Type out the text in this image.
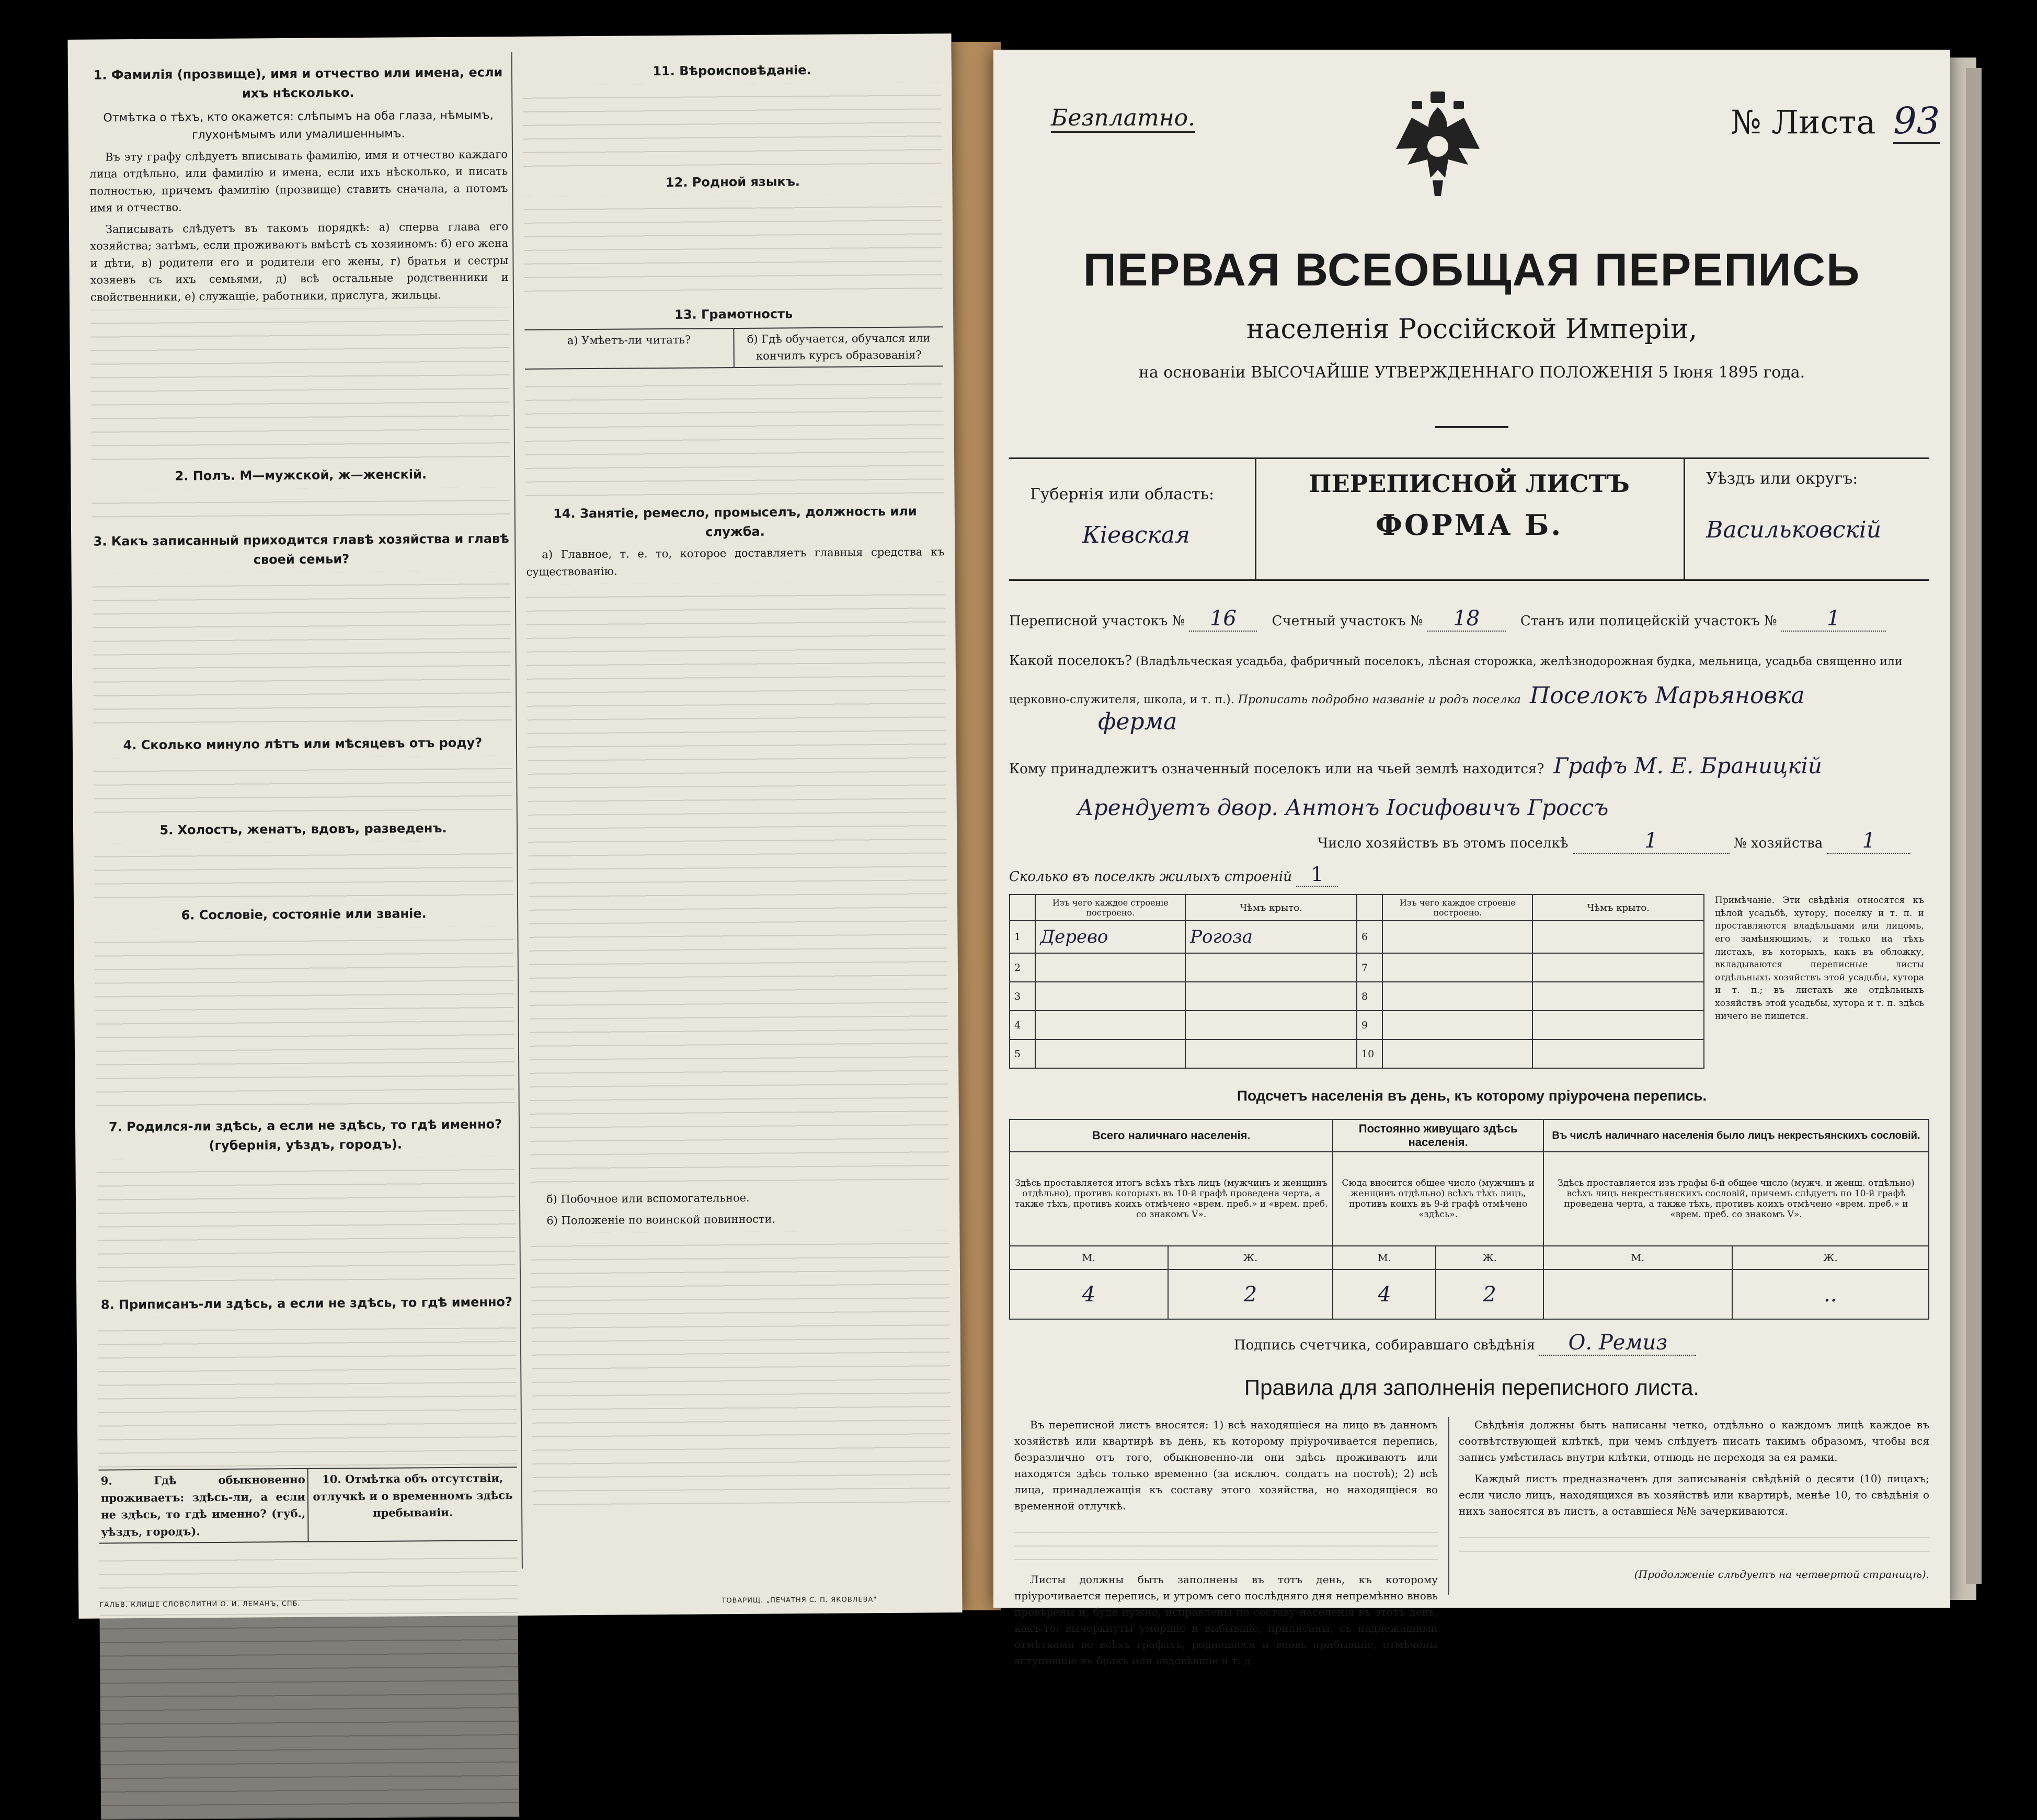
1. Фамилія (прозвище), имя и отчество или имена, если ихъ нѣсколько.
Отмѣтка о тѣхъ, кто окажется: слѣпымъ на оба глаза, нѣмымъ, глухонѣмымъ или умалишеннымъ.

Въ эту графу слѣдуетъ вписывать фамилію, имя и отчество каждаго лица отдѣльно, или фамилію и имена, если ихъ нѣсколько, и писать полностью, причемъ фамилію (прозвище) ставить сначала, а потомъ имя и отчество.

Записывать слѣдуетъ въ такомъ порядкѣ: а) сперва глава его хозяйства; затѣмъ, если проживаютъ вмѣстѣ съ хозяиномъ: б) его жена и дѣти, в) родители его и родители его жены, г) братья и сестры хозяевъ съ ихъ семьями, д) всѣ остальные родственники и свойственники, е) служащіе, работники, прислуга, жильцы.

2. Полъ. М—мужской, ж—женскій.
3. Какъ записанный приходится главѣ хозяйства и главѣ своей семьи?
4. Сколько минуло лѣтъ или мѣсяцевъ отъ роду?
5. Холостъ, женатъ, вдовъ, разведенъ.
6. Сословіе, состояніе или званіе.
7. Родился-ли здѣсь, а если не здѣсь, то гдѣ именно? (губернія, уѣздъ, городъ).
8. Приписанъ-ли здѣсь, а если не здѣсь, то гдѣ именно?
9. Гдѣ обыкновенно проживаетъ: здѣсь-ли, а если не здѣсь, то гдѣ именно? (губ., уѣздъ, городъ).
10. Отмѣтка объ отсутствіи, отлучкѣ и о временномъ здѣсь пребываніи.
11. Вѣроисповѣданіе.
12. Родной языкъ.
13. Грамотность
а) Умѣетъ-ли читать?	б) Гдѣ обучается, обучался или кончилъ курсъ образованія?
14. Занятіе, ремесло, промыселъ, должность или служба.

а) Главное, т. е. то, которое доставляетъ главныя средства къ существованію.

б) Побочное или вспомогательное.

6) Положеніе по воинской повинности.

ГАЛЬВ. КЛИШЕ СЛОВОЛИТНИ О. И. ЛЕМАНЪ, СПБ.	ТОВАРИЩ. „ПЕЧАТНЯ С. П. ЯКОВЛЕВА"
Безплатно.	№ Листа 93
ПЕРВАЯ ВСЕОБЩАЯ ПЕРЕПИСЬ
населенія Россійской Имперіи,
на основаніи ВЫСОЧАЙШЕ УТВЕРЖДЕННАГО ПОЛОЖЕНІЯ 5 Іюня 1895 года.
Губернія или область:
Кіевская
ПЕРЕПИСНОЙ ЛИСТЪ
ФОРМА Б.
Уѣздъ или округъ:
Васильковскій
Переписной участокъ № 16	Счетный участокъ № 18	Станъ или полицейскій участокъ № 1
Какой поселокъ? (Владѣльческая усадьба, фабричный поселокъ, лѣсная сторожка, желѣзнодорожная будка, мельница, усадьба священно или церковно-служителя, школа, и т. п.). Прописать подробно названіе и родъ поселка Поселокъ Марьяновка
ферма
Кому принадлежитъ означенный поселокъ или на чьей землѣ находится? Графъ М. Е. Браницкій
Арендуетъ двор. Антонъ Іосифовичъ Гроссъ
Число хозяйствъ въ этомъ поселкѣ	1	№ хозяйства 1
Сколько въ поселкѣ жилыхъ строеній 1
	Изъ чего каждое строеніе построено.	Чѣмъ крыто.		Изъ чего каждое строеніе построено.	Чѣмъ крыто.
1	Дерево	Рогоза	6		
2			7		
3			8		
4			9		
5			10		
Примѣчаніе. Эти свѣдѣнія относятся къ цѣлой усадьбѣ, хутору, поселку и т. п. и проставляются владѣльцами или лицомъ, его замѣняющимъ, и только на тѣхъ листахъ, въ которыхъ, какъ въ обложку, вкладываются переписные листы отдѣльныхъ хозяйствъ этой усадьбы, хутора и т. п.; въ листахъ же отдѣльныхъ хозяйствъ этой усадьбы, хутора и т. п. здѣсь ничего не пишется.
Подсчетъ населенія въ день, къ которому пріурочена перепись.
Всего наличнаго населенія.		Постоянно живущаго здѣсь населенія.		Въ числѣ наличнаго населенія было лицъ некрестьянскихъ сословій.	
Здѣсь проставляется итогъ всѣхъ тѣхъ лицъ (мужчинъ и женщинъ отдѣльно), противъ которыхъ въ 10-й графѣ проведена черта, а также тѣхъ, противъ коихъ отмѣчено «врем. преб.» и «врем. преб. со знакомъ V».		Сюда вносится общее число (мужчинъ и женщинъ отдѣльно) всѣхъ тѣхъ лицъ, противъ коихъ въ 9-й графѣ отмѣчено «здѣсь».		Здѣсь проставляется изъ графы 6-й общее число (мужч. и женщ. отдѣльно) всѣхъ лицъ некрестьянскихъ сословій, причемъ слѣдуетъ по 10-й графѣ проведена черта, а также тѣхъ, противъ коихъ отмѣчено «врем. преб.» и «врем. преб. со знакомъ V».	
М.	Ж.	М.	Ж.	М.	Ж.
4	2	4	2		..
Подпись счетчика, собиравшаго свѣдѣнія О. Ремиз
Правила для заполненія переписного листа.

Въ переписной листъ вносятся: 1) всѣ находящіеся на лицо въ данномъ хозяйствѣ или квартирѣ въ день, къ которому пріурочивается перепись, безразлично отъ того, обыкновенно-ли они здѣсь проживаютъ или находятся здѣсь только временно (за исключ. солдатъ на постоѣ); 2) всѣ лица, принадлежащія къ составу этого хозяйства, но находящіеся во временной отлучкѣ.

Листы должны быть заполнены въ тотъ день, къ которому пріурочивается перепись, и утромъ сего послѣдняго дня непремѣнно вновь провѣрены и, буде нужно, исправлены по составу населенія въ этотъ день, какъ-то: вычеркнуты умершіе и выбывшіе, приписаны, съ надлежащими отмѣтками во всѣхъ графахъ, родившіеся и вновь прибывшіе, отмѣчены вступившіе въ бракъ или овдовѣвшіе и т. д.

Свѣдѣнія должны быть написаны четко, отдѣльно о каждомъ лицѣ каждое въ соотвѣтствующей клѣткѣ, при чемъ слѣдуетъ писать такимъ образомъ, чтобы вся запись умѣстилась внутри клѣтки, отнюдь не переходя за ея рамки.

Каждый листъ предназначенъ для записыванія свѣдѣній о десяти (10) лицахъ; если число лицъ, находящихся въ хозяйствѣ или квартирѣ, менѣе 10, то свѣдѣнія о нихъ заносятся въ листъ, а оставшіеся №№ зачеркиваются.

(Продолженіе слѣдуетъ на четвертой страницѣ).
